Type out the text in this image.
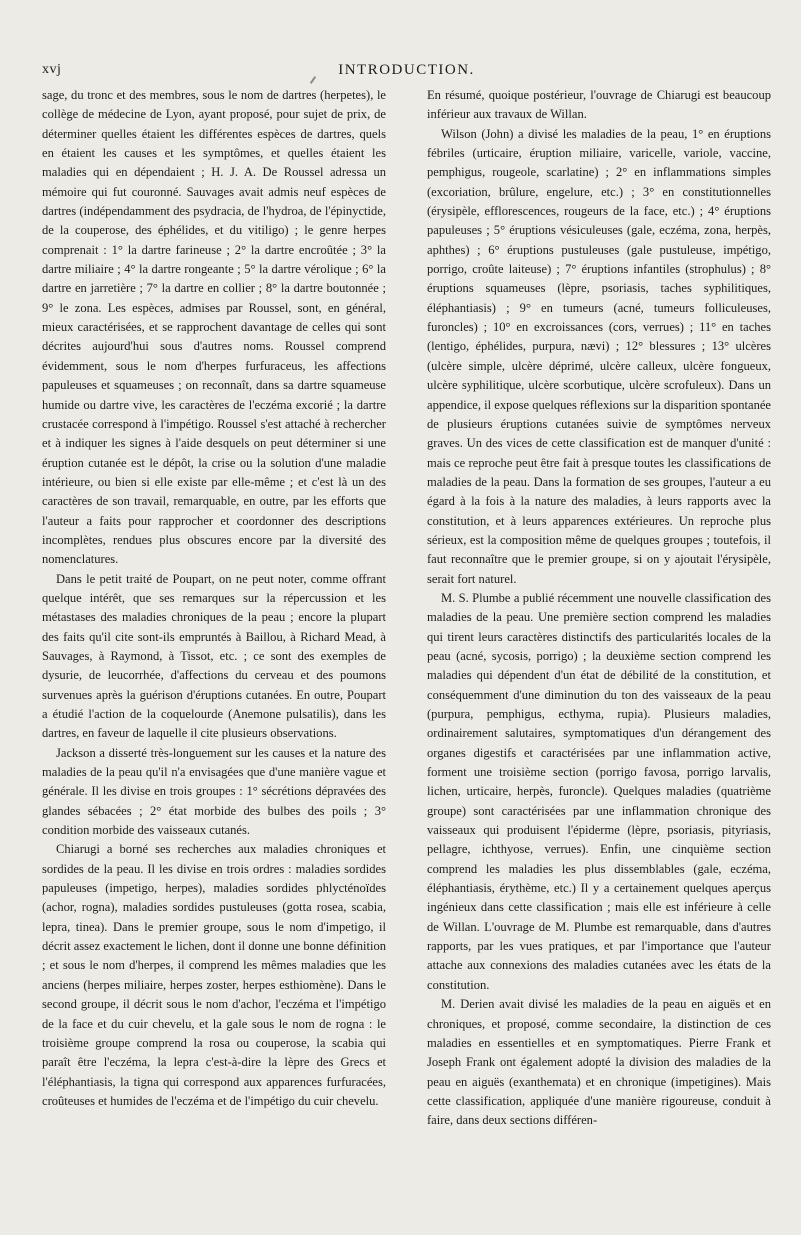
xvj	INTRODUCTION.

sage, du tronc et des membres, sous le nom de dartres (herpetes), le collège de médecine de Lyon, ayant proposé, pour sujet de prix, de déterminer quelles étaient les différentes espèces de dartres, quels en étaient les causes et les symptômes, et quelles étaient les maladies qui en dépendaient ; H. J. A. De Roussel adressa un mémoire qui fut couronné. Sauvages avait admis neuf espèces de dartres (indépendamment des psydracia, de l'hydroa, de l'épinyctide, de la couperose, des éphélides, et du vitiligo) ; le genre herpes comprenait : 1° la dartre farineuse ; 2° la dartre encroûtée ; 3° la dartre miliaire ; 4° la dartre rongeante ; 5° la dartre vérolique ; 6° la dartre en jarretière ; 7° la dartre en collier ; 8° la dartre boutonnée ; 9° le zona. Les espèces, admises par Roussel, sont, en général, mieux caractérisées, et se rapprochent davantage de celles qui sont décrites aujourd'hui sous d'autres noms. Roussel comprend évidemment, sous le nom d'herpes furfuraceus, les affections papuleuses et squameuses ; on reconnaît, dans sa dartre squameuse humide ou dartre vive, les caractères de l'eczéma excorié ; la dartre crustacée correspond à l'impétigo. Roussel s'est attaché à rechercher et à indiquer les signes à l'aide desquels on peut déterminer si une éruption cutanée est le dépôt, la crise ou la solution d'une maladie intérieure, ou bien si elle existe par elle-même ; et c'est là un des caractères de son travail, remarquable, en outre, par les efforts que l'auteur a faits pour rapprocher et coordonner des descriptions incomplètes, rendues plus obscures encore par la diversité des nomenclatures.

Dans le petit traité de Poupart, on ne peut noter, comme offrant quelque intérêt, que ses remarques sur la répercussion et les métastases des maladies chroniques de la peau ; encore la plupart des faits qu'il cite sont-ils empruntés à Baillou, à Richard Mead, à Sauvages, à Raymond, à Tissot, etc. ; ce sont des exemples de dysurie, de leucorrhée, d'affections du cerveau et des poumons survenues après la guérison d'éruptions cutanées. En outre, Poupart a étudié l'action de la coquelourde (Anemone pulsatilis), dans les dartres, en faveur de laquelle il cite plusieurs observations.

Jackson a disserté très-longuement sur les causes et la nature des maladies de la peau qu'il n'a envisagées que d'une manière vague et générale. Il les divise en trois groupes : 1° sécrétions dépravées des glandes sébacées ; 2° état morbide des bulbes des poils ; 3° condition morbide des vaisseaux cutanés.

Chiarugi a borné ses recherches aux maladies chroniques et sordides de la peau. Il les divise en trois ordres : maladies sordides papuleuses (impetigo, herpes), maladies sordides phlycténoïdes (achor, rogna), maladies sordides pustuleuses (gotta rosea, scabia, lepra, tinea). Dans le premier groupe, sous le nom d'impetigo, il décrit assez exactement le lichen, dont il donne une bonne définition ; et sous le nom d'herpes, il comprend les mêmes maladies que les anciens (herpes miliaire, herpes zoster, herpes esthiomène). Dans le second groupe, il décrit sous le nom d'achor, l'eczéma et l'impétigo de la face et du cuir chevelu, et la gale sous le nom de rogna : le troisième groupe comprend la rosa ou couperose, la scabia qui paraît être l'eczéma, la lepra c'est-à-dire la lèpre des Grecs et l'éléphantiasis, la tigna qui correspond aux apparences furfuracées, croûteuses et humides de l'eczéma et de l'impétigo du cuir chevelu.

En résumé, quoique postérieur, l'ouvrage de Chiarugi est beaucoup inférieur aux travaux de Willan.

Wilson (John) a divisé les maladies de la peau, 1° en éruptions fébriles (urticaire, éruption miliaire, varicelle, variole, vaccine, pemphigus, rougeole, scarlatine) ; 2° en inflammations simples (excoriation, brûlure, engelure, etc.) ; 3° en constitutionnelles (érysipèle, efflorescences, rougeurs de la face, etc.) ; 4° éruptions papuleuses ; 5° éruptions vésiculeuses (gale, eczéma, zona, herpès, aphthes) ; 6° éruptions pustuleuses (gale pustuleuse, impétigo, porrigo, croûte laiteuse) ; 7° éruptions infantiles (strophulus) ; 8° éruptions squameuses (lèpre, psoriasis, taches syphilitiques, éléphantiasis) ; 9° en tumeurs (acné, tumeurs folliculeuses, furoncles) ; 10° en excroissances (cors, verrues) ; 11° en taches (lentigo, éphélides, purpura, nævi) ; 12° blessures ; 13° ulcères (ulcère simple, ulcère déprimé, ulcère calleux, ulcère fongueux, ulcère syphilitique, ulcère scorbutique, ulcère scrofuleux). Dans un appendice, il expose quelques réflexions sur la disparition spontanée de plusieurs éruptions cutanées suivie de symptômes nerveux graves. Un des vices de cette classification est de manquer d'unité : mais ce reproche peut être fait à presque toutes les classifications de maladies de la peau. Dans la formation de ses groupes, l'auteur a eu égard à la fois à la nature des maladies, à leurs rapports avec la constitution, et à leurs apparences extérieures. Un reproche plus sérieux, est la composition même de quelques groupes ; toutefois, il faut reconnaître que le premier groupe, si on y ajoutait l'érysipèle, serait fort naturel.

M. S. Plumbe a publié récemment une nouvelle classification des maladies de la peau. Une première section comprend les maladies qui tirent leurs caractères distinctifs des particularités locales de la peau (acné, sycosis, porrigo) ; la deuxième section comprend les maladies qui dépendent d'un état de débilité de la constitution, et conséquemment d'une diminution du ton des vaisseaux de la peau (purpura, pemphigus, ecthyma, rupia). Plusieurs maladies, ordinairement salutaires, symptomatiques d'un dérangement des organes digestifs et caractérisées par une inflammation active, forment une troisième section (porrigo favosa, porrigo larvalis, lichen, urticaire, herpès, furoncle). Quelques maladies (quatrième groupe) sont caractérisées par une inflammation chronique des vaisseaux qui produisent l'épiderme (lèpre, psoriasis, pityriasis, pellagre, ichthyose, verrues). Enfin, une cinquième section comprend les maladies les plus dissemblables (gale, eczéma, éléphantiasis, érythème, etc.) Il y a certainement quelques aperçus ingénieux dans cette classification ; mais elle est inférieure à celle de Willan. L'ouvrage de M. Plumbe est remarquable, dans d'autres rapports, par les vues pratiques, et par l'importance que l'auteur attache aux connexions des maladies cutanées avec les états de la constitution.

M. Derien avait divisé les maladies de la peau en aiguës et en chroniques, et proposé, comme secondaire, la distinction de ces maladies en essentielles et en symptomatiques. Pierre Frank et Joseph Frank ont également adopté la division des maladies de la peau en aiguës (exanthemata) et en chronique (impetigines). Mais cette classification, appliquée d'une manière rigoureuse, conduit à faire, dans deux sections différen-
